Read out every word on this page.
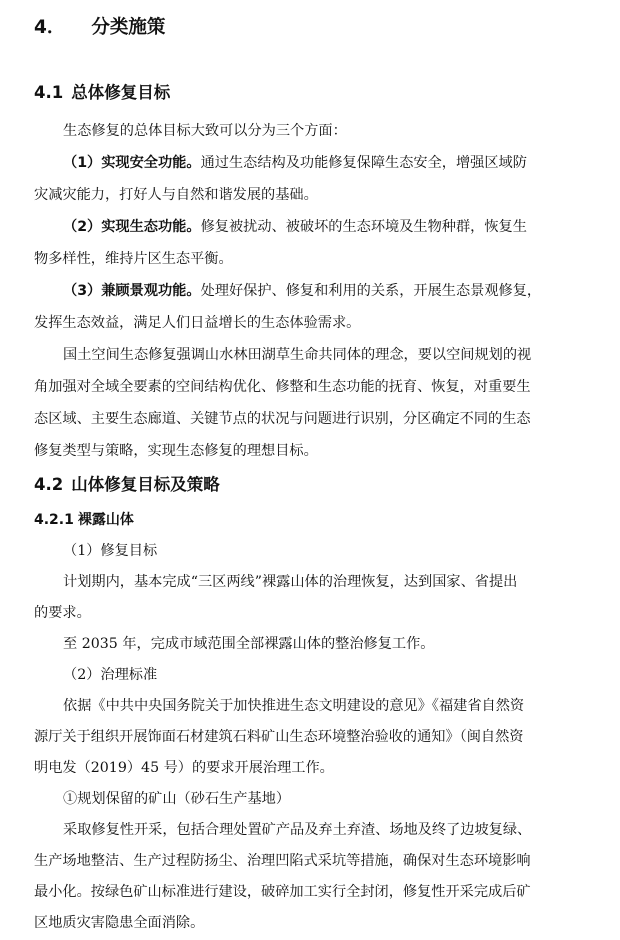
4． 分类施策
4.1 总体修复目标
生态修复的总体目标大致可以分为三个方面：
（1）实现安全功能。通过生态结构及功能修复保障生态安全，增强区域防
灾减灾能力，打好人与自然和谐发展的基础。
（2）实现生态功能。修复被扰动、被破坏的生态环境及生物种群，恢复生
物多样性，维持片区生态平衡。
（3）兼顾景观功能。处理好保护、修复和利用的关系，开展生态景观修复，
发挥生态效益，满足人们日益增长的生态体验需求。
国土空间生态修复强调山水林田湖草生命共同体的理念，要以空间规划的视
角加强对全域全要素的空间结构优化、修整和生态功能的抚育、恢复，对重要生
态区域、主要生态廊道、关键节点的状况与问题进行识别，分区确定不同的生态
修复类型与策略，实现生态修复的理想目标。
4.2 山体修复目标及策略
4.2.1 裸露山体
（1）修复目标
计划期内，基本完成“三区两线”裸露山体的治理恢复，达到国家、省提出
的要求。
至 2035 年，完成市域范围全部裸露山体的整治修复工作。
（2）治理标准
依据《中共中央国务院关于加快推进生态文明建设的意见》《福建省自然资
源厅关于组织开展饰面石材建筑石料矿山生态环境整治验收的通知》（闽自然资
明电发（2019）45 号）的要求开展治理工作。
①规划保留的矿山（砂石生产基地）
采取修复性开采，包括合理处置矿产品及弃土弃渣、场地及终了边坡复绿、
生产场地整洁、生产过程防扬尘、治理凹陷式采坑等措施，确保对生态环境影响
最小化。按绿色矿山标准进行建设，破碎加工实行全封闭，修复性开采完成后矿
区地质灾害隐患全面消除。
